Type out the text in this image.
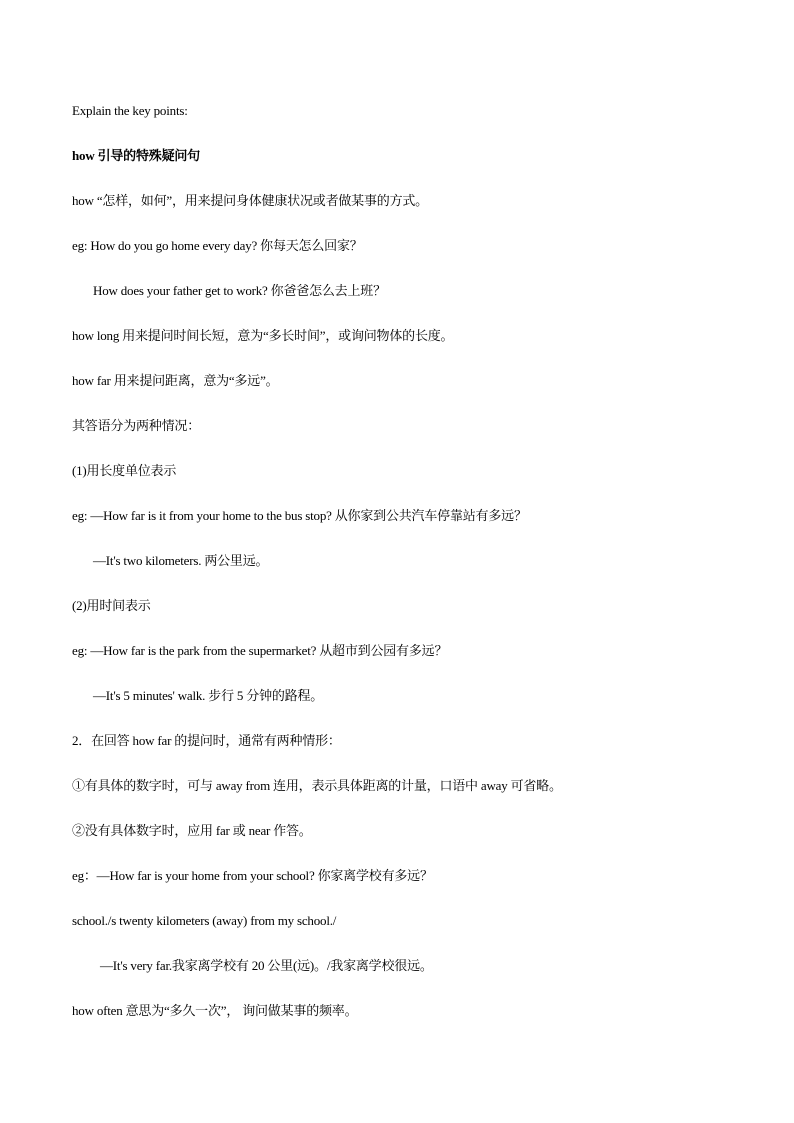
Explain the key points:
how 引导的特殊疑问句
how “怎样，如何”，用来提问身体健康状况或者做某事的方式。
eg: How do you go home every day? 你每天怎么回家？
How does your father get to work? 你爸爸怎么去上班？
how long 用来提问时间长短，意为“多长时间”，或询问物体的长度。
how far 用来提问距离，意为“多远”。
其答语分为两种情况：
(1)用长度单位表示
eg: —How far is it from your home to the bus stop? 从你家到公共汽车停靠站有多远？
—It's two kilometers. 两公里远。
(2)用时间表示
eg: —How far is the park from the supermarket? 从超市到公园有多远？
—It's 5 minutes' walk. 步行 5 分钟的路程。
2．在回答 how far 的提问时，通常有两种情形：
①有具体的数字时，可与 away from 连用，表示具体距离的计量，口语中 away 可省略。
②没有具体数字时，应用 far 或 near 作答。
eg：—How far is your home from your school? 你家离学校有多远？
school./s twenty kilometers (away) from my school./
—It's very far.我家离学校有 20 公里(远)。/我家离学校很远。
how often 意思为“多久一次”， 询问做某事的频率。
